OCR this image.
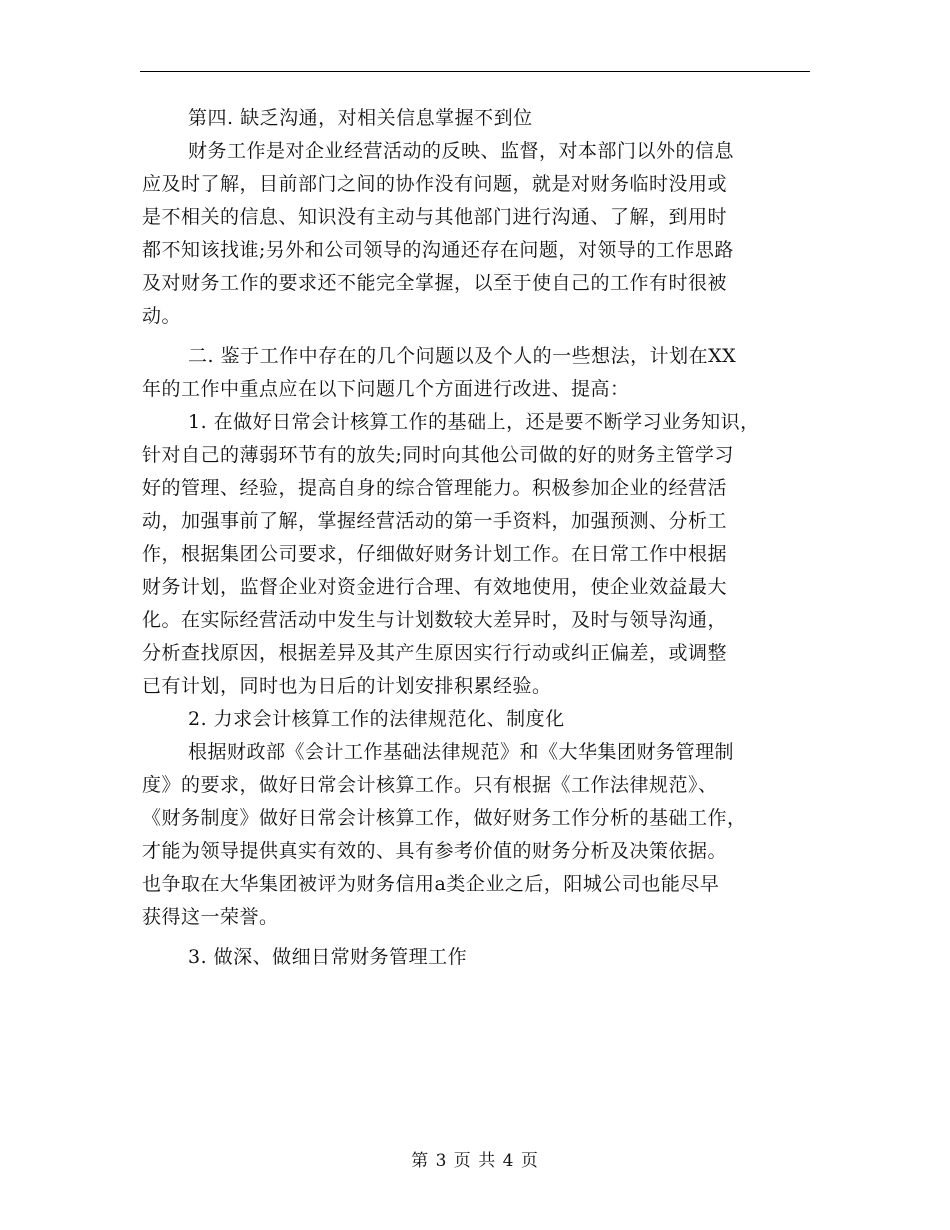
第四. 缺乏沟通，对相关信息掌握不到位
财务工作是对企业经营活动的反映、监督，对本部门以外的信息
应及时了解，目前部门之间的协作没有问题，就是对财务临时没用或
是不相关的信息、知识没有主动与其他部门进行沟通、了解，到用时
都不知该找谁;另外和公司领导的沟通还存在问题，对领导的工作思路
及对财务工作的要求还不能完全掌握，以至于使自己的工作有时很被
动。
二. 鉴于工作中存在的几个问题以及个人的一些想法，计划在XX
年的工作中重点应在以下问题几个方面进行改进、提高：
1. 在做好日常会计核算工作的基础上，还是要不断学习业务知识，
针对自己的薄弱环节有的放失;同时向其他公司做的好的财务主管学习
好的管理、经验，提高自身的综合管理能力。积极参加企业的经营活
动，加强事前了解，掌握经营活动的第一手资料，加强预测、分析工
作，根据集团公司要求，仔细做好财务计划工作。在日常工作中根据
财务计划，监督企业对资金进行合理、有效地使用，使企业效益最大
化。在实际经营活动中发生与计划数较大差异时，及时与领导沟通，
分析查找原因，根据差异及其产生原因实行行动或纠正偏差，或调整
已有计划，同时也为日后的计划安排积累经验。
2. 力求会计核算工作的法律规范化、制度化
根据财政部《会计工作基础法律规范》和《大华集团财务管理制
度》的要求，做好日常会计核算工作。只有根据《工作法律规范》、
《财务制度》做好日常会计核算工作，做好财务工作分析的基础工作，
才能为领导提供真实有效的、具有参考价值的财务分析及决策依据。
也争取在大华集团被评为财务信用a类企业之后，阳城公司也能尽早
获得这一荣誉。
3. 做深、做细日常财务管理工作
第 3 页 共 4 页
